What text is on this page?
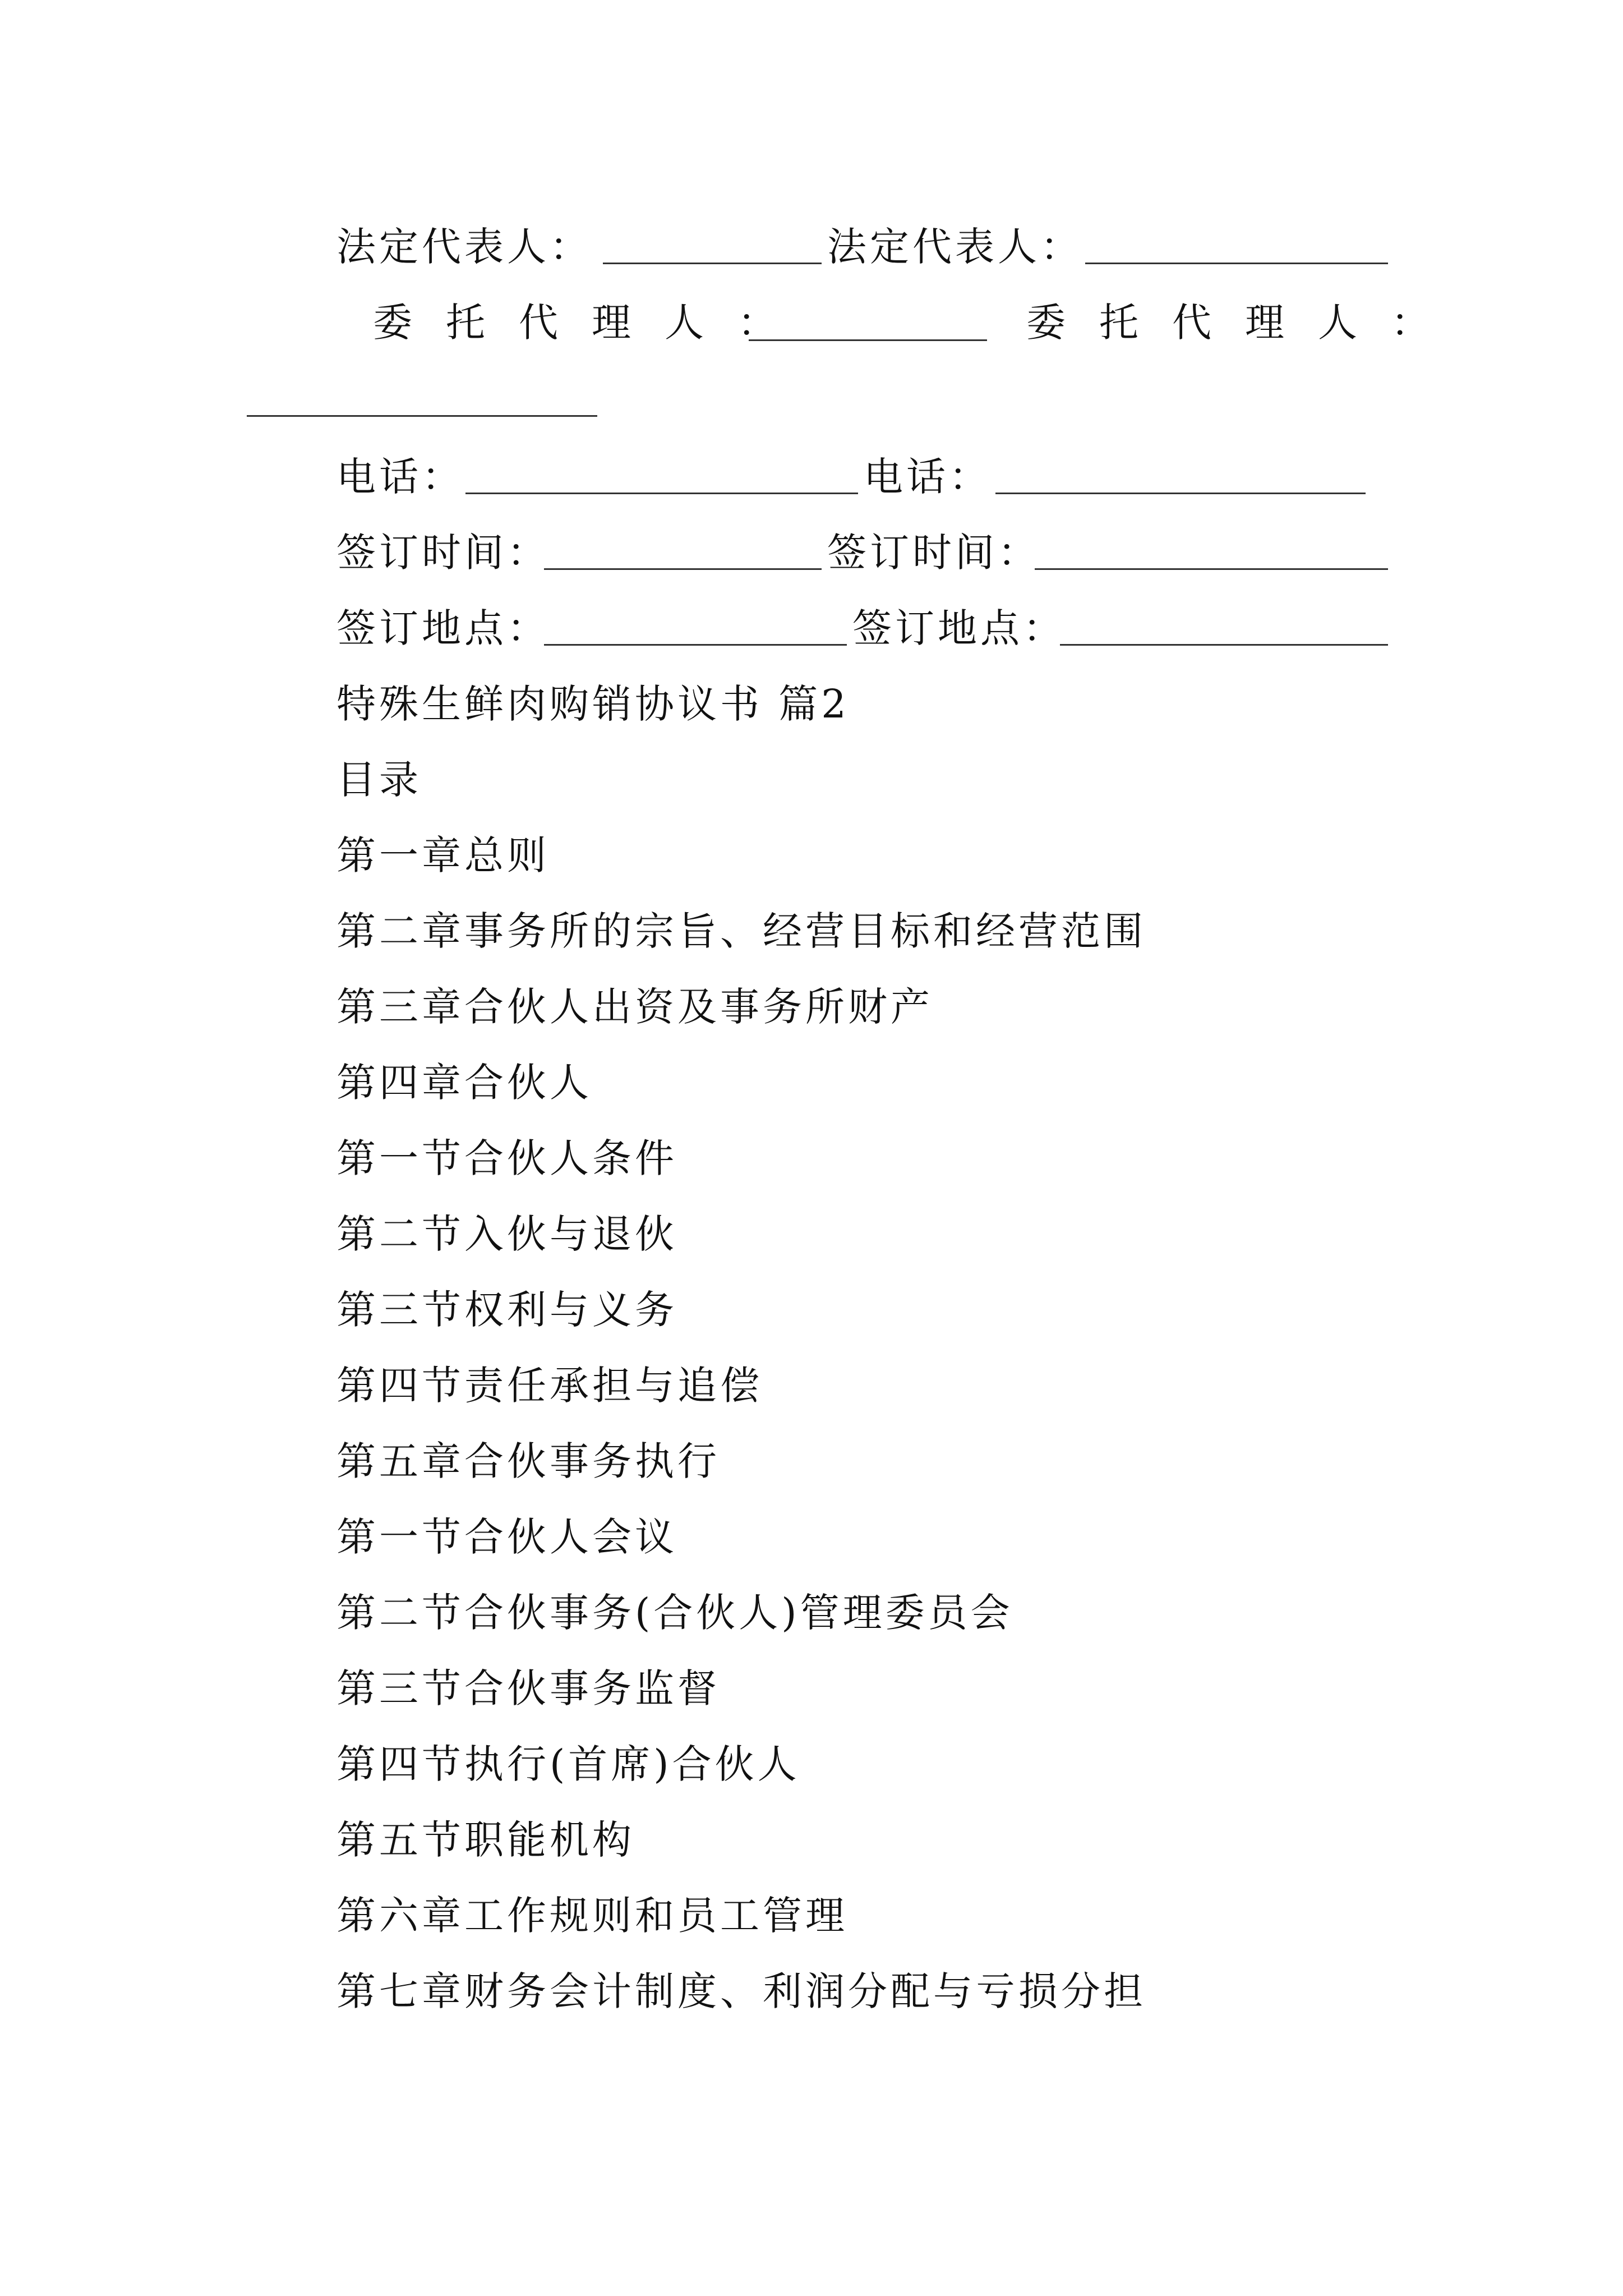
法定代表人：	法定代表人：
委托代理人：	委托代理人：
电话：	电话：
签订时间：	签订时间：
签订地点：	签订地点：
特殊生鲜肉购销协议书 篇2
目录
第一章总则
第二章事务所的宗旨、经营目标和经营范围
第三章合伙人出资及事务所财产
第四章合伙人
第一节合伙人条件
第二节入伙与退伙
第三节权利与义务
第四节责任承担与追偿
第五章合伙事务执行
第一节合伙人会议
第二节合伙事务(合伙人)管理委员会
第三节合伙事务监督
第四节执行(首席)合伙人
第五节职能机构
第六章工作规则和员工管理
第七章财务会计制度、利润分配与亏损分担
